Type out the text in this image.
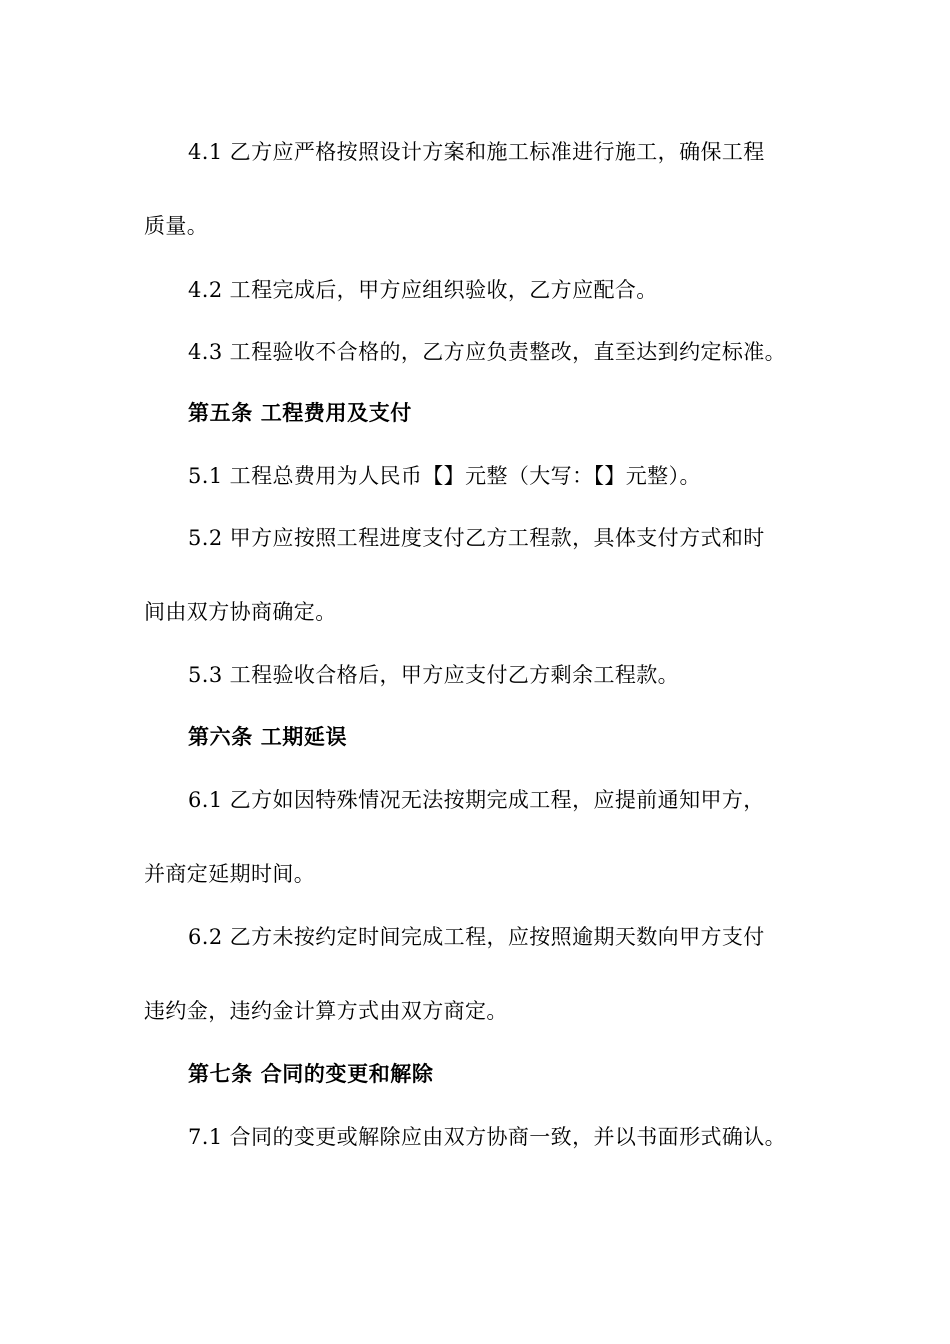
4.1 乙方应严格按照设计方案和施工标准进行施工，确保工程
质量。
4.2 工程完成后，甲方应组织验收，乙方应配合。
4.3 工程验收不合格的，乙方应负责整改，直至达到约定标准。
第五条 工程费用及支付
5.1 工程总费用为人民币【】元整（大写：【】元整）。
5.2 甲方应按照工程进度支付乙方工程款，具体支付方式和时
间由双方协商确定。
5.3 工程验收合格后，甲方应支付乙方剩余工程款。
第六条 工期延误
6.1 乙方如因特殊情况无法按期完成工程，应提前通知甲方，
并商定延期时间。
6.2 乙方未按约定时间完成工程，应按照逾期天数向甲方支付
违约金，违约金计算方式由双方商定。
第七条 合同的变更和解除
7.1 合同的变更或解除应由双方协商一致，并以书面形式确认。
